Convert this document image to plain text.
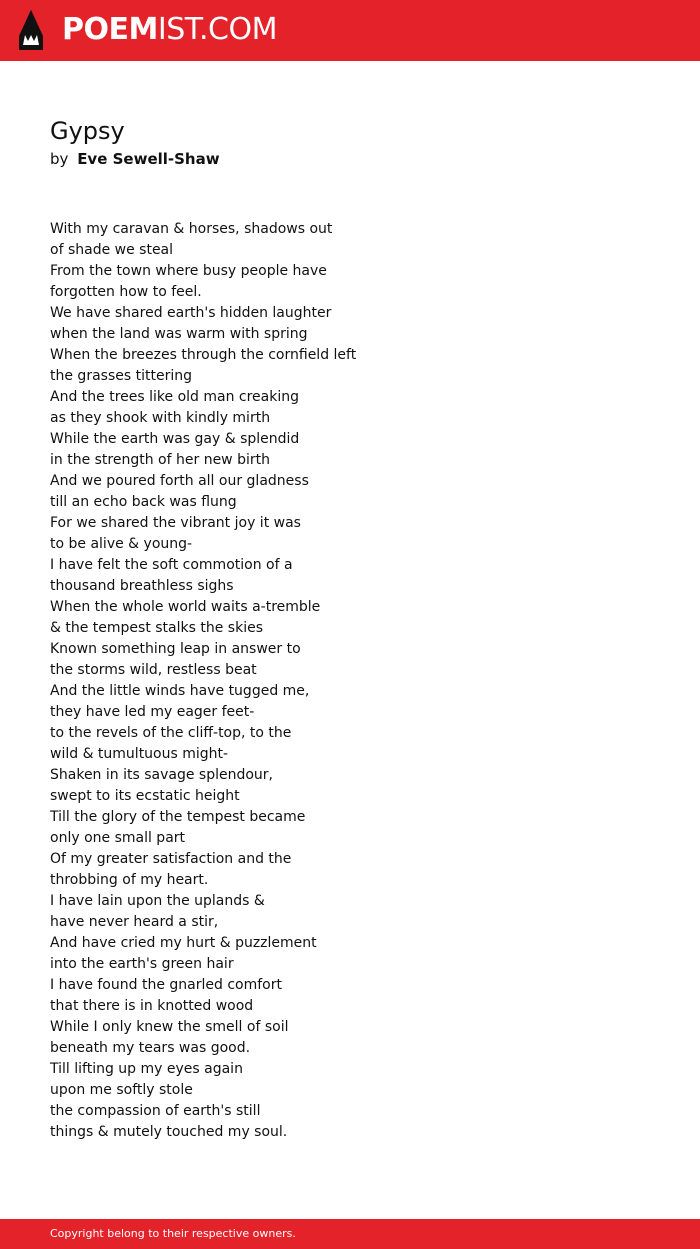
POEMIST.COM
Gypsy
by Eve Sewell-Shaw
With my caravan & horses, shadows out
of shade we steal
From the town where busy people have
forgotten how to feel.
We have shared earth's hidden laughter
when the land was warm with spring
When the breezes through the cornfield left
the grasses tittering
And the trees like old man creaking
as they shook with kindly mirth
While the earth was gay & splendid
in the strength of her new birth
And we poured forth all our gladness
till an echo back was flung
For we shared the vibrant joy it was
to be alive & young-
I have felt the soft commotion of a
thousand breathless sighs
When the whole world waits a-tremble
& the tempest stalks the skies
Known something leap in answer to
the storms wild, restless beat
And the little winds have tugged me,
they have led my eager feet-
to the revels of the cliff-top, to the
wild & tumultuous might-
Shaken in its savage splendour,
swept to its ecstatic height
Till the glory of the tempest became
only one small part
Of my greater satisfaction and the
throbbing of my heart.
I have lain upon the uplands &
have never heard a stir,
And have cried my hurt & puzzlement
into the earth's green hair
I have found the gnarled comfort
that there is in knotted wood
While I only knew the smell of soil
beneath my tears was good.
Till lifting up my eyes again
upon me softly stole
the compassion of earth's still
things & mutely touched my soul.
Copyright belong to their respective owners.
